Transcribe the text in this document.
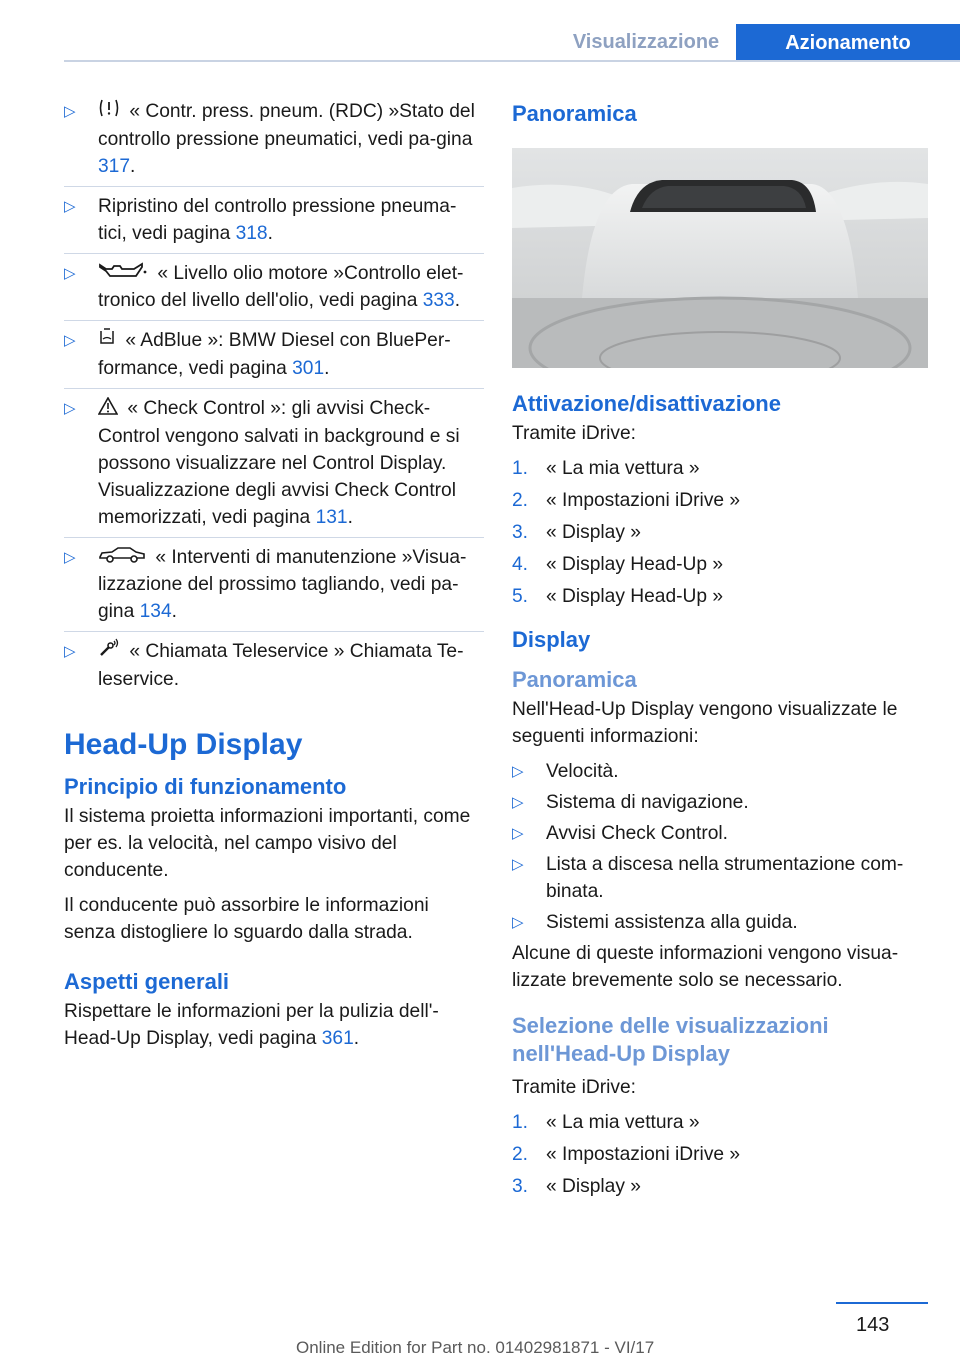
Visualizzazione	Azionamento
▷	« Contr. press. pneum. (RDC) »Stato del controllo pressione pneumatici, vedi pa-gina 317.
▷ Ripristino del controllo pressione pneuma-tici, vedi pagina 318.
▷	« Livello olio motore »Controllo elet-tronico del livello dell'olio, vedi pagina 333.
▷ « AdBlue »: BMW Diesel con BluePer-formance, vedi pagina 301.
▷ « Check Control »: gli avvisi Check-Control vengono salvati in background e si possono visualizzare nel Control Display. Visualizzazione degli avvisi Check Control memorizzati, vedi pagina 131.
▷	« Interventi di manutenzione »Visua-lizzazione del prossimo tagliando, vedi pa-gina 134.
▷	« Chiamata Teleservice » Chiamata Te-leservice.
Head-Up Display
Principio di funzionamento

Il sistema proietta informazioni importanti, come per es. la velocità, nel campo visivo del conducente.

Il conducente può assorbire le informazioni senza distogliere lo sguardo dalla strada.

Aspetti generali

Rispettare le informazioni per la pulizia dell'-Head-Up Display, vedi pagina 361.

Panoramica
Attivazione/disattivazione

Tramite iDrive:

1. « La mia vettura »
2. « Impostazioni iDrive »
3. « Display »
4. « Display Head-Up »
5. « Display Head-Up »
Display
Panoramica

Nell'Head-Up Display vengono visualizzate le seguenti informazioni:

▷ Velocità.
▷ Sistema di navigazione.
▷ Avvisi Check Control.
▷ Lista a discesa nella strumentazione com-binata.
▷ Sistemi assistenza alla guida.

Alcune di queste informazioni vengono visua-lizzate brevemente solo se necessario.

Selezione delle visualizzazioni nell'Head-Up Display

Tramite iDrive:

1. « La mia vettura »
2. « Impostazioni iDrive »
3. « Display »
143
Online Edition for Part no. 01402981871 - VI/17
